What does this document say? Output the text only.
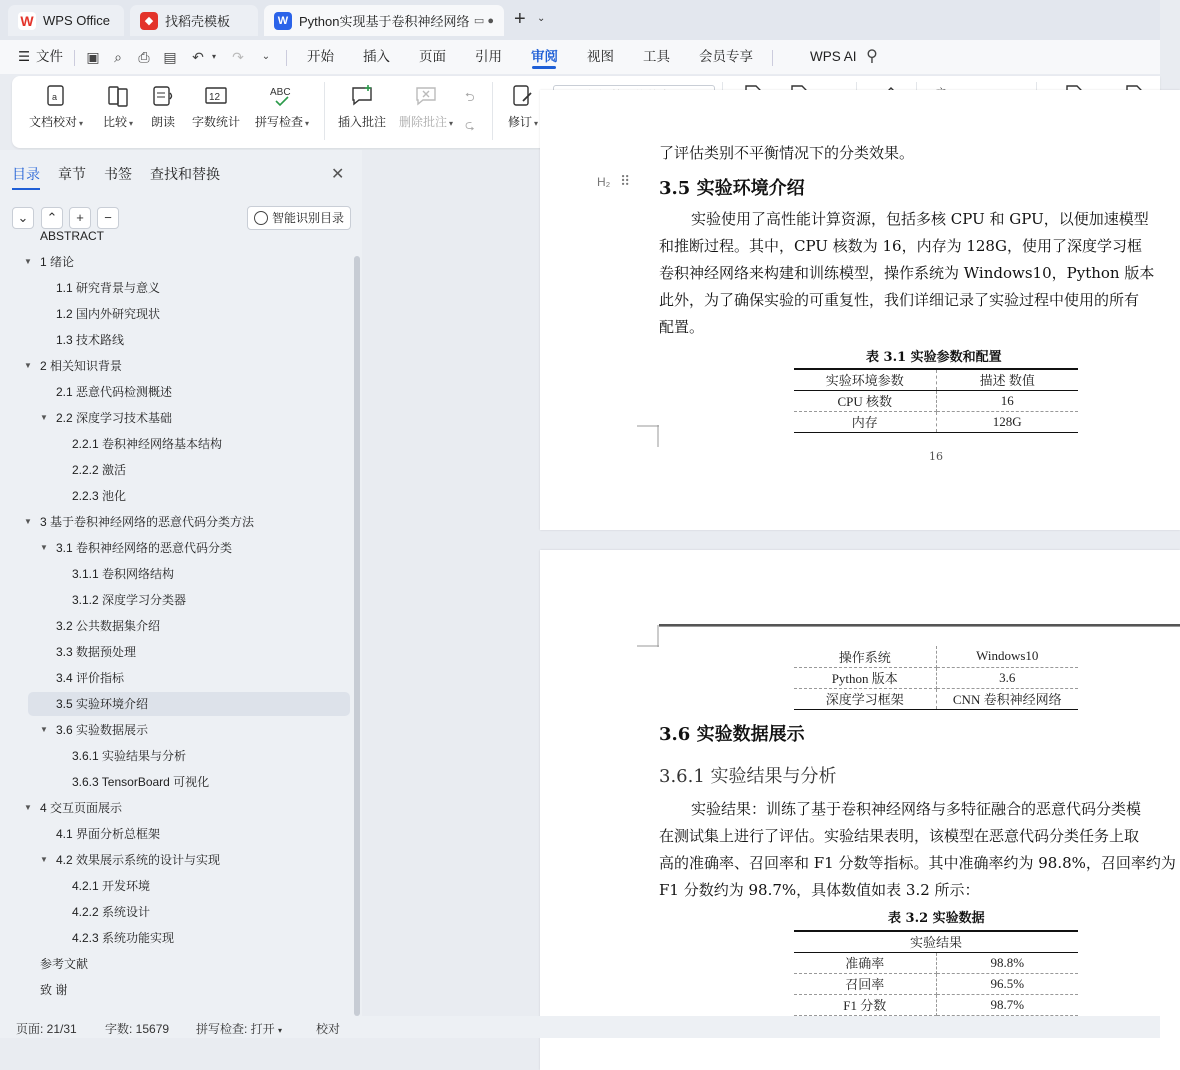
W WPS Office	◆ 找稻壳模板	W Python实现基于卷积神经网络 ▭ ● + ⌄
☰ 文件 ▣ ⌕ ⎙ ▤ ↶	▾	↷	⌄	开始 插入 页面 引用 审阅 视图 工具 会员专享	WPS AI ⚲
a
文档校对 ▾	比较 ▾	朗读
12
字数统计
ABC
拼写检查 ▾	插入批注	删除批注 ▾
⮌
⮎	修订 ▾
目录 章节 书签 查找和替换	✕
⌄	⌃	+	−	智能识别目录
ABSTRACT
▼ 1 绪论
1.1 研究背景与意义
1.2 国内外研究现状
1.3 技术路线
▼ 2 相关知识背景
2.1 恶意代码检测概述
▼ 2.2 深度学习技术基础
2.2.1 卷积神经网络基本结构
2.2.2 激活
2.2.3 池化
▼ 3 基于卷积神经网络的恶意代码分类方法
▼ 3.1 卷积神经网络的恶意代码分类
3.1.1 卷积网络结构
3.1.2 深度学习分类器
3.2 公共数据集介绍
3.3 数据预处理
3.4 评价指标
3.5 实验环境介绍
▼ 3.6 实验数据展示
3.6.1 实验结果与分析
3.6.3 TensorBoard 可视化
▼ 4 交互页面展示
4.1 界面分析总框架
▼ 4.2 效果展示系统的设计与实现
4.2.1 开发环境
4.2.2 系统设计
4.2.3 系统功能实现
参考文献
致 谢
了评估类别不平衡情况下的分类效果。
H₂ ⠿ 3.5 实验环境介绍
实验使用了高性能计算资源，包括多核 CPU 和 GPU，以便加速模型
和推断过程。其中，CPU 核数为 16，内存为 128G，使用了深度学习框
卷积神经网络来构建和训练模型，操作系统为 Windows10，Python 版本
此外，为了确保实验的可重复性，我们详细记录了实验过程中使用的所有
配置。
表 3.1 实验参数和配置
实验环境参数	描述 数值
CPU 核数	16
内存	128G
16
操作系统	Windows10
Python 版本	3.6
深度学习框架	CNN 卷积神经网络
3.6 实验数据展示
3.6.1 实验结果与分析
实验结果：训练了基于卷积神经网络与多特征融合的恶意代码分类模
在测试集上进行了评估。实验结果表明，该模型在恶意代码分类任务上取
高的准确率、召回率和 F1 分数等指标。其中准确率约为 98.8%，召回率约为
F1 分数约为 98.7%，具体数值如表 3.2 所示：
表 3.2 实验数据
实验结果	
准确率	98.8%
召回率	96.5%
F1 分数	98.7%
页面: 21/31 字数: 15679 拼写检查: 打开 ▾	校对
